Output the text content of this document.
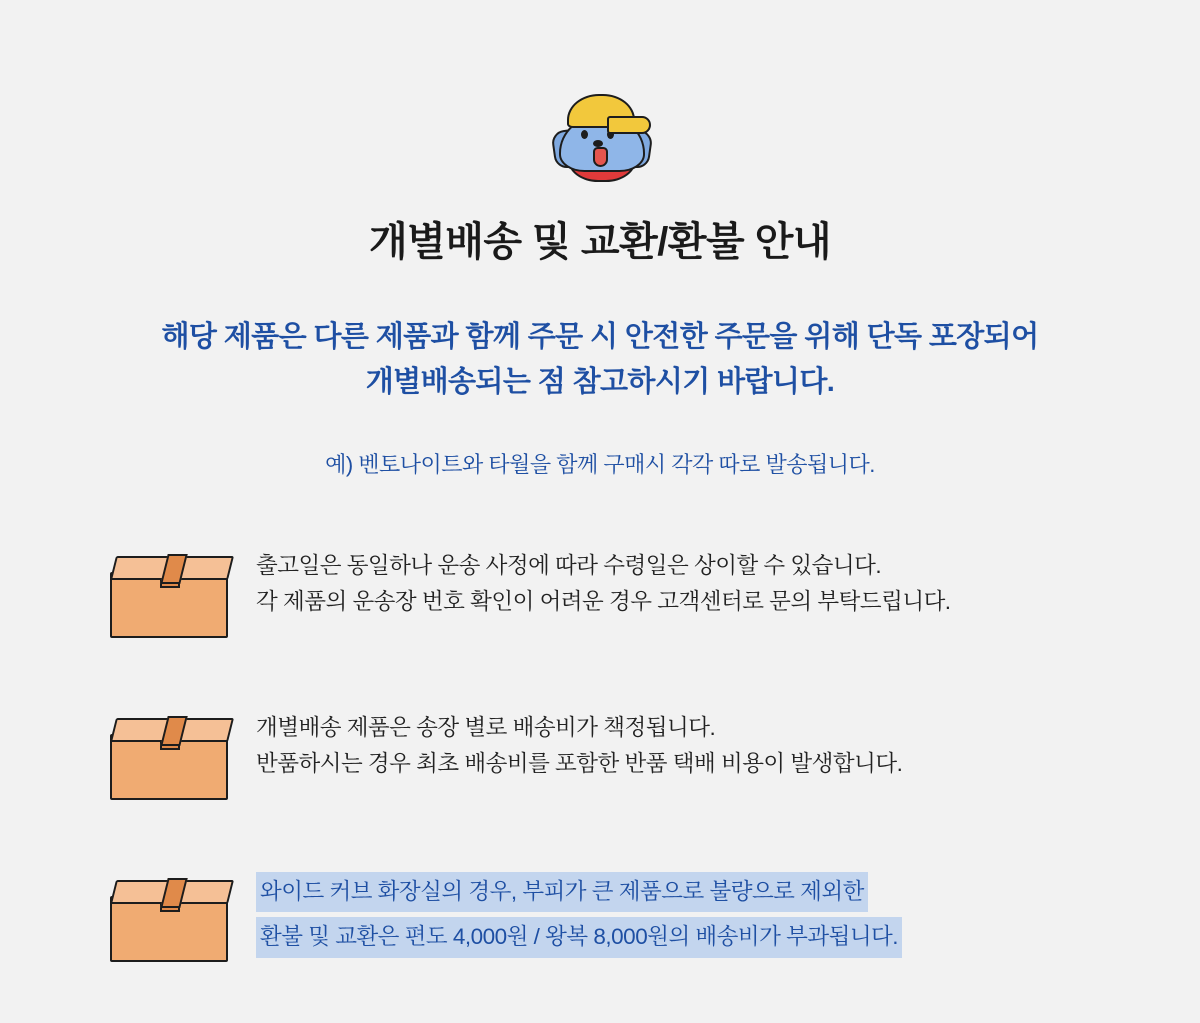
개별배송 및 교환/환불 안내
해당 제품은 다른 제품과 함께 주문 시 안전한 주문을 위해 단독 포장되어
개별배송되는 점 참고하시기 바랍니다.
예) 벤토나이트와 타월을 함께 구매시 각각 따로 발송됩니다.
출고일은 동일하나 운송 사정에 따라 수령일은 상이할 수 있습니다.
각 제품의 운송장 번호 확인이 어려운 경우 고객센터로 문의 부탁드립니다.
개별배송 제품은 송장 별로 배송비가 책정됩니다.
반품하시는 경우 최초 배송비를 포함한 반품 택배 비용이 발생합니다.
와이드 커브 화장실의 경우, 부피가 큰 제품으로 불량으로 제외한 환불 및 교환은 편도 4,000원 / 왕복 8,000원의 배송비가 부과됩니다.
